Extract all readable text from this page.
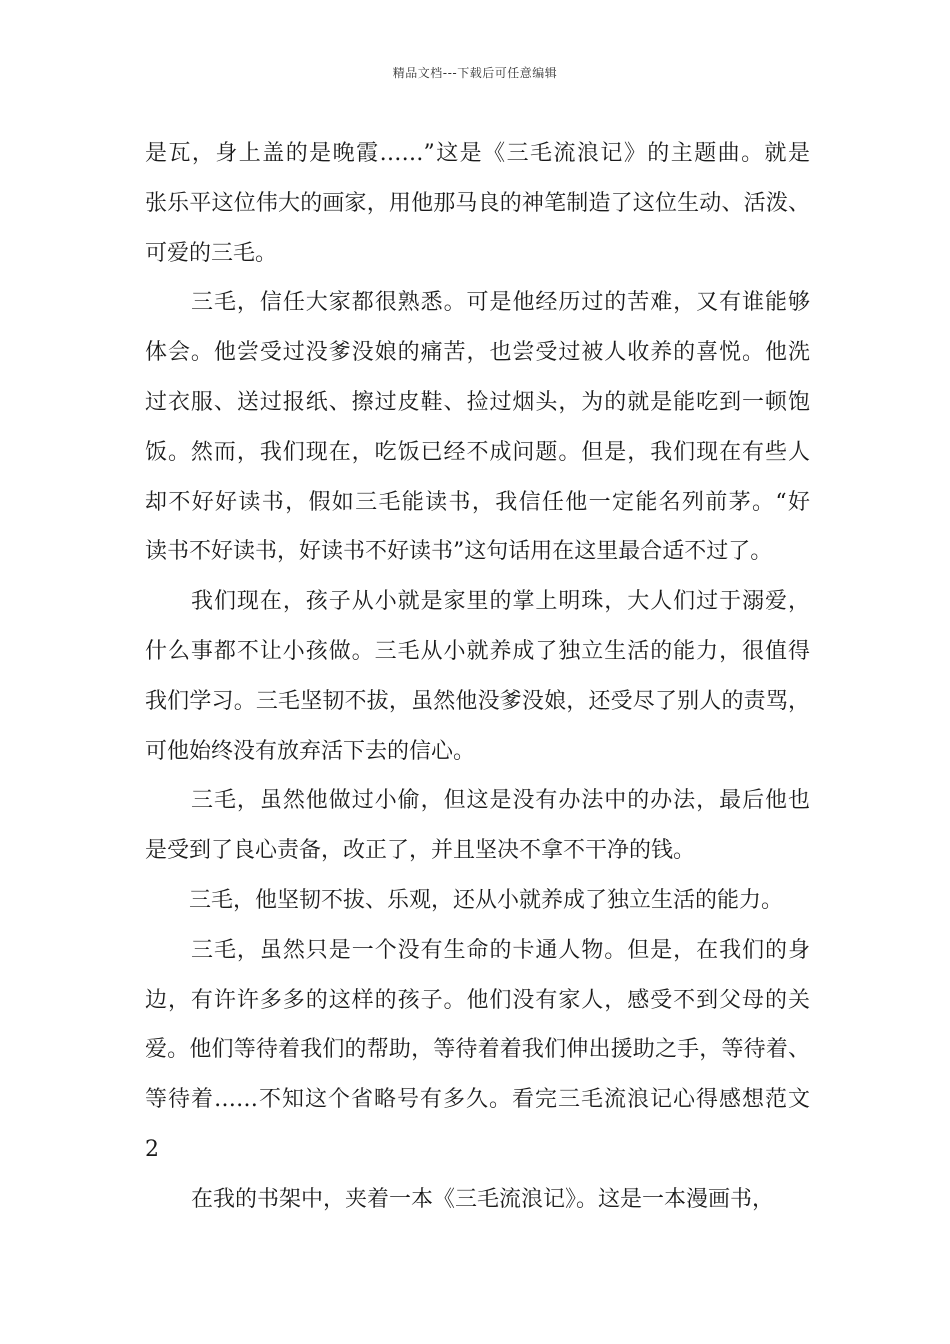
精品文档---下载后可任意编辑
是瓦，身上盖的是晚霞……”这是《三毛流浪记》的主题曲。就是
张乐平这位伟大的画家，用他那马良的神笔制造了这位生动、活泼、
可爱的三毛。
三毛，信任大家都很熟悉。可是他经历过的苦难，又有谁能够
体会。他尝受过没爹没娘的痛苦，也尝受过被人收养的喜悦。他洗
过衣服、送过报纸、擦过皮鞋、捡过烟头，为的就是能吃到一顿饱
饭。然而，我们现在，吃饭已经不成问题。但是，我们现在有些人
却不好好读书，假如三毛能读书，我信任他一定能名列前茅。“好
读书不好读书，好读书不好读书”这句话用在这里最合适不过了。
我们现在，孩子从小就是家里的掌上明珠，大人们过于溺爱，
什么事都不让小孩做。三毛从小就养成了独立生活的能力，很值得
我们学习。三毛坚韧不拔，虽然他没爹没娘，还受尽了别人的责骂，
可他始终没有放弃活下去的信心。
三毛，虽然他做过小偷，但这是没有办法中的办法，最后他也
是受到了良心责备，改正了，并且坚决不拿不干净的钱。
三毛，他坚韧不拔、乐观，还从小就养成了独立生活的能力。
三毛，虽然只是一个没有生命的卡通人物。但是，在我们的身
边，有许许多多的这样的孩子。他们没有家人，感受不到父母的关
爱。他们等待着我们的帮助，等待着着我们伸出援助之手，等待着、
等待着……不知这个省略号有多久。看完三毛流浪记心得感想范文
2
在我的书架中，夹着一本《三毛流浪记》。这是一本漫画书，
